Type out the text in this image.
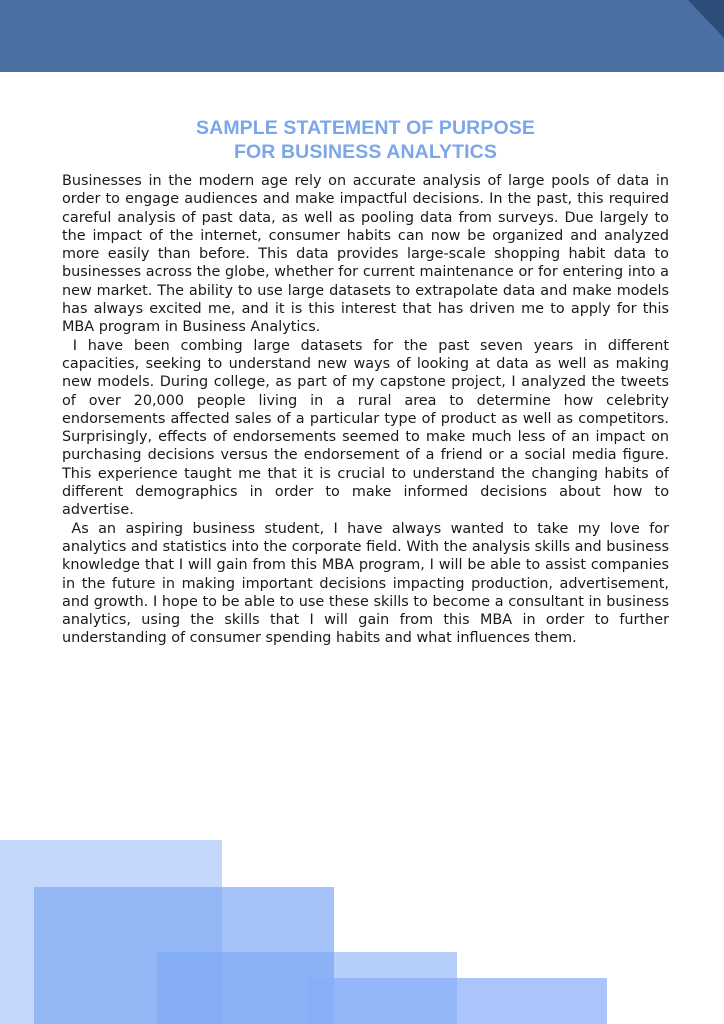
SAMPLE STATEMENT OF PURPOSE
FOR BUSINESS ANALYTICS

Businesses in the modern age rely on accurate analysis of large pools of data in order to engage audiences and make impactful decisions. In the past, this required careful analysis of past data, as well as pooling data from surveys. Due largely to the impact of the internet, consumer habits can now be organized and analyzed more easily than before. This data provides large-scale shopping habit data to businesses across the globe, whether for current maintenance or for entering into a new market. The ability to use large datasets to extrapolate data and make models has always excited me, and it is this interest that has driven me to apply for this MBA program in Business Analytics.

I have been combing large datasets for the past seven years in different capacities, seeking to understand new ways of looking at data as well as making new models. During college, as part of my capstone project, I analyzed the tweets of over 20,000 people living in a rural area to determine how celebrity endorsements affected sales of a particular type of product as well as competitors. Surprisingly, effects of endorsements seemed to make much less of an impact on purchasing decisions versus the endorsement of a friend or a social media figure. This experience taught me that it is crucial to understand the changing habits of different demographics in order to make informed decisions about how to advertise.

As an aspiring business student, I have always wanted to take my love for analytics and statistics into the corporate field. With the analysis skills and business knowledge that I will gain from this MBA program, I will be able to assist companies in the future in making important decisions impacting production, advertisement, and growth. I hope to be able to use these skills to become a consultant in business analytics, using the skills that I will gain from this MBA in order to further understanding of consumer spending habits and what influences them.
